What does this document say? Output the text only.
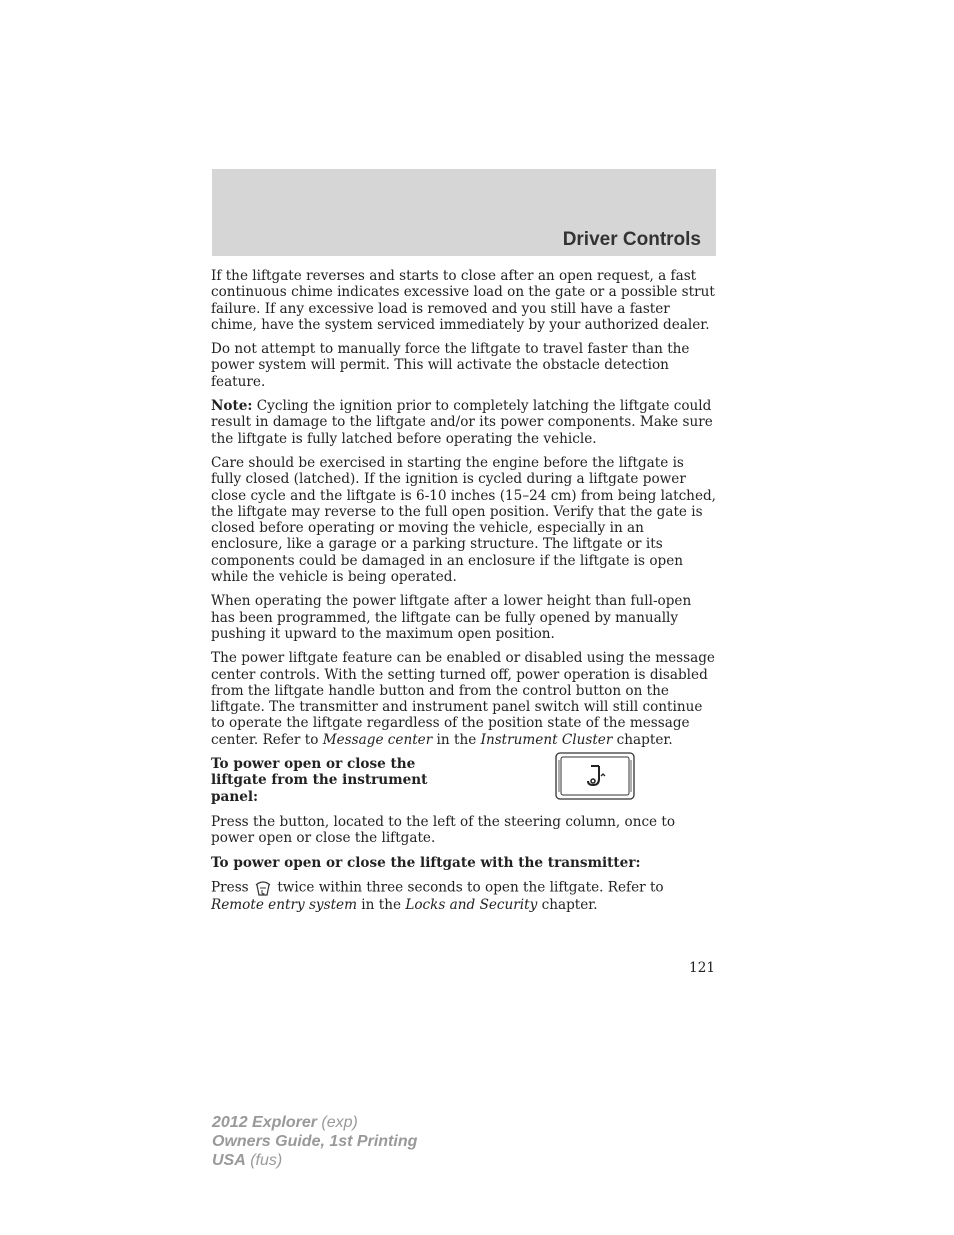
Driver Controls

If the liftgate reverses and starts to close after an open request, a fast continuous chime indicates excessive load on the gate or a possible strut failure. If any excessive load is removed and you still have a faster chime, have the system serviced immediately by your authorized dealer.

Do not attempt to manually force the liftgate to travel faster than the power system will permit. This will activate the obstacle detection feature.

Note: Cycling the ignition prior to completely latching the liftgate could result in damage to the liftgate and/or its power components. Make sure the liftgate is fully latched before operating the vehicle.

Care should be exercised in starting the engine before the liftgate is fully closed (latched). If the ignition is cycled during a liftgate power close cycle and the liftgate is 6-10 inches (15–24 cm) from being latched, the liftgate may reverse to the full open position. Verify that the gate is closed before operating or moving the vehicle, especially in an enclosure, like a garage or a parking structure. The liftgate or its components could be damaged in an enclosure if the liftgate is open while the vehicle is being operated.

When operating the power liftgate after a lower height than full-open has been programmed, the liftgate can be fully opened by manually pushing it upward to the maximum open position.

The power liftgate feature can be enabled or disabled using the message center controls. With the setting turned off, power operation is disabled from the liftgate handle button and from the control button on the liftgate. The transmitter and instrument panel switch will still continue to operate the liftgate regardless of the position state of the message center. Refer to Message center in the Instrument Cluster chapter.

To power open or close the liftgate from the instrument panel:

Press the button, located to the left of the steering column, once to power open or close the liftgate.

To power open or close the liftgate with the transmitter:

Press twice within three seconds to open the liftgate. Refer to
Remote entry system in the Locks and Security chapter.

121

2012 Explorer (exp)
Owners Guide, 1st Printing
USA (fus)
